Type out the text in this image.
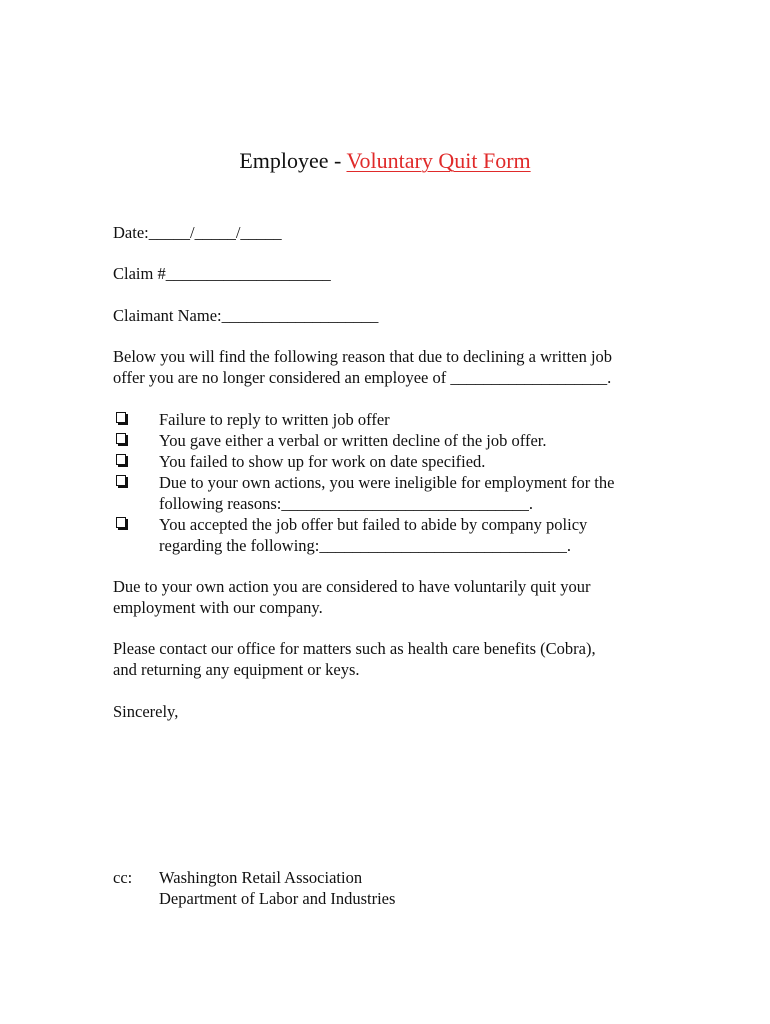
Employee - Voluntary Quit Form
Date:_____/_____/_____
Claim #____________________
Claimant Name:___________________
Below you will find the following reason that due to declining a written job
offer you are no longer considered an employee of ___________________.
Failure to reply to written job offer
You gave either a verbal or written decline of the job offer.
You failed to show up for work on date specified.
Due to your own actions, you were ineligible for employment for the
following reasons:______________________________.
You accepted the job offer but failed to abide by company policy
regarding the following:______________________________.
Due to your own action you are considered to have voluntarily quit your
employment with our company.
Please contact our office for matters such as health care benefits (Cobra),
and returning any equipment or keys.
Sincerely,
cc: Washington Retail Association
Department of Labor and Industries
